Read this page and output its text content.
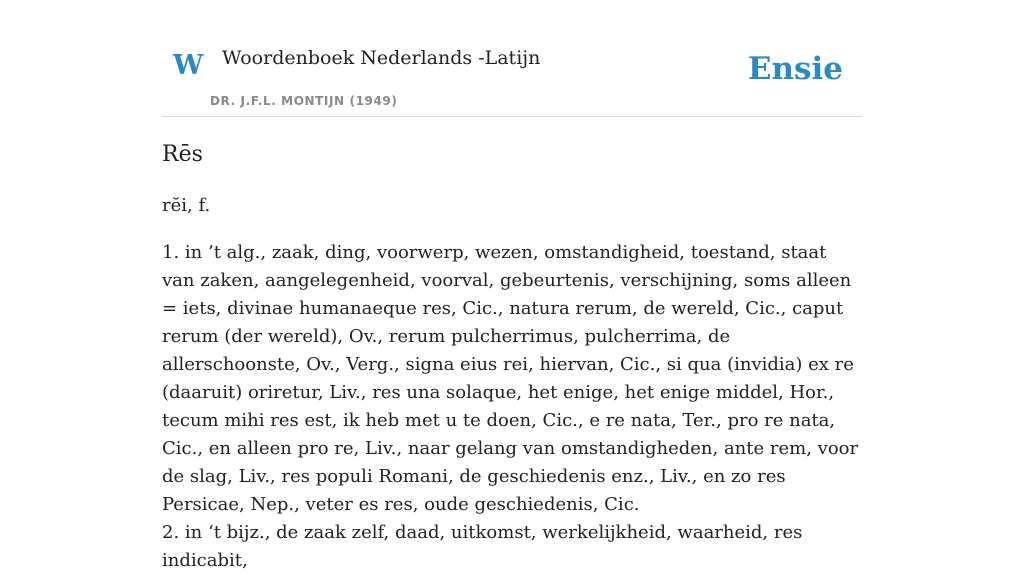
W Woordenboek Nederlands -Latijn
DR. J.F.L. MONTIJN (1949)
Ensie
Rēs

rĕi, f.

1. in ’t alg., zaak, ding, voorwerp, wezen, omstandigheid, toestand, staat van zaken, aangelegenheid, voorval, gebeurtenis, verschijning, soms alleen = iets, divinae humanaeque res, Cic., natura rerum, de wereld, Cic., caput rerum (der wereld), Ov., rerum pulcherrimus, pulcherrima, de allerschoonste, Ov., Verg., signa eius rei, hiervan, Cic., si qua (invidia) ex re (daaruit) oriretur, Liv., res una solaque, het enige, het enige middel, Hor., tecum mihi res est, ik heb met u te doen, Cic., e re nata, Ter., pro re nata, Cic., en alleen pro re, Liv., naar gelang van omstandigheden, ante rem, voor de slag, Liv., res populi Romani, de geschiedenis enz., Liv., en zo res Persicae, Nep., veter es res, oude geschiedenis, Cic.

2. in ‘t bijz., de zaak zelf, daad, uitkomst, werkelijkheid, waarheid, res indicabit,
